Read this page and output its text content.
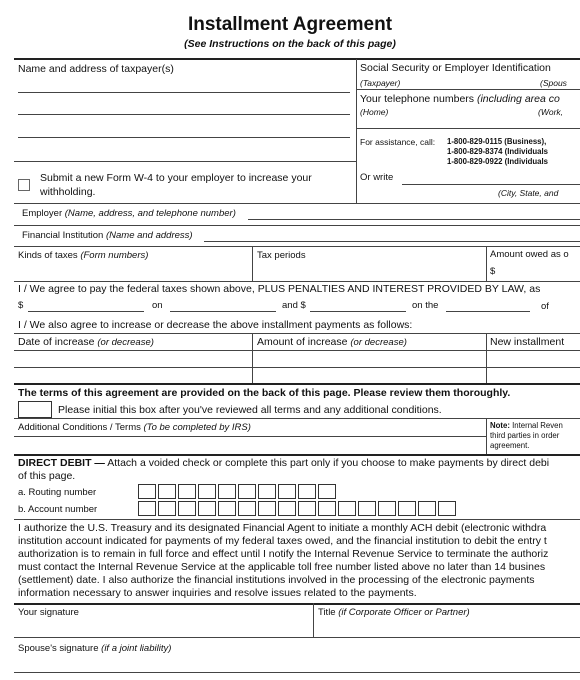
Installment Agreement
(See Instructions on the back of this page)
Name and address of taxpayer(s)	Social Security or Employer Identification
(Taxpayer)	(Spous
Your telephone numbers (including area co
(Home)	(Work,
For assistance, call: 1-800-829-0115 (Business),
1-800-829-8374 (Individuals
1-800-829-0922 (Individuals
Or write
(City, State, and
Submit a new Form W-4 to your employer to increase your
withholding.
Employer (Name, address, and telephone number)
Financial Institution (Name and address)
Kinds of taxes (Form numbers)	Tax periods	Amount owed as o
$
I / We agree to pay the federal taxes shown above, PLUS PENALTIES AND INTEREST PROVIDED BY LAW, as
$	on	and $	on the	of
I / We also agree to increase or decrease the above installment payments as follows:
Date of increase (or decrease)	Amount of increase (or decrease)	New installment
The terms of this agreement are provided on the back of this page. Please review them thoroughly.
Please initial this box after you've reviewed all terms and any additional conditions.
Additional Conditions / Terms (To be completed by IRS)	Note: Internal Reven
third parties in order
agreement.
DIRECT DEBIT — Attach a voided check or complete this part only if you choose to make payments by direct debi
of this page.
a. Routing number
b. Account number
I authorize the U.S. Treasury and its designated Financial Agent to initiate a monthly ACH debit (electronic withdra
institution account indicated for payments of my federal taxes owed, and the financial institution to debit the entry t
authorization is to remain in full force and effect until I notify the Internal Revenue Service to terminate the authoriz
must contact the Internal Revenue Service at the applicable toll free number listed above no later than 14 busines
(settlement) date. I also authorize the financial institutions involved in the processing of the electronic payments
information necessary to answer inquiries and resolve issues related to the payments.
Your signature	Title (if Corporate Officer or Partner)
Spouse's signature (if a joint liability)
